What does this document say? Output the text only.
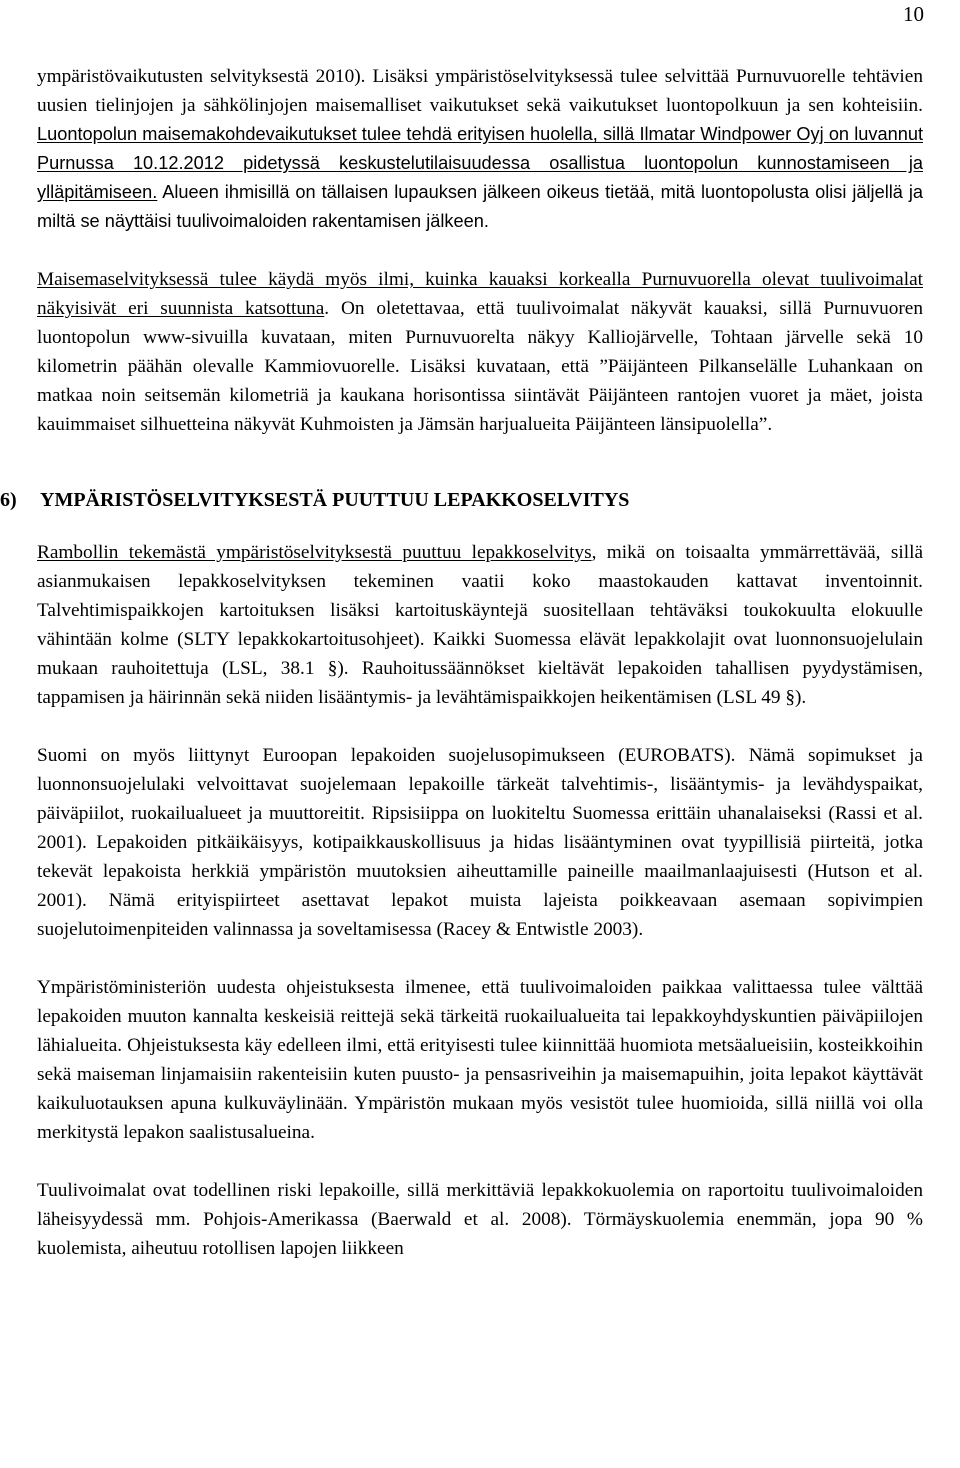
10

ympäristövaikutusten selvityksestä 2010). Lisäksi ympäristöselvityksessä tulee selvittää Purnuvuorelle tehtävien uusien tielinjojen ja sähkölinjojen maisemalliset vaikutukset sekä vaikutukset luontopolkuun ja sen kohteisiin. Luontopolun maisemakohdevaikutukset tulee tehdä erityisen huolella, sillä Ilmatar Windpower Oyj on luvannut Purnussa 10.12.2012 pidetyssä keskustelutilaisuudessa osallistua luontopolun kunnostamiseen ja ylläpitämiseen. Alueen ihmisillä on tällaisen lupauksen jälkeen oikeus tietää, mitä luontopolusta olisi jäljellä ja miltä se näyttäisi tuulivoimaloiden rakentamisen jälkeen.

Maisemaselvityksessä tulee käydä myös ilmi, kuinka kauaksi korkealla Purnuvuorella olevat tuulivoimalat näkyisivät eri suunnista katsottuna. On oletettavaa, että tuulivoimalat näkyvät kauaksi, sillä Purnuvuoren luontopolun www-sivuilla kuvataan, miten Purnuvuorelta näkyy Kalliojärvelle, Tohtaan järvelle sekä 10 kilometrin päähän olevalle Kammiovuorelle. Lisäksi kuvataan, että ”Päijänteen Pilkanselälle Luhankaan on matkaa noin seitsemän kilometriä ja kaukana horisontissa siintävät Päijänteen rantojen vuoret ja mäet, joista kauimmaiset silhuetteina näkyvät Kuhmoisten ja Jämsän harjualueita Päijänteen länsipuolella”.

6) YMPÄRISTÖSELVITYKSESTÄ PUUTTUU LEPAKKOSELVITYS

Rambollin tekemästä ympäristöselvityksestä puuttuu lepakkoselvitys, mikä on toisaalta ymmärrettävää, sillä asianmukaisen lepakkoselvityksen tekeminen vaatii koko maastokauden kattavat inventoinnit. Talvehtimispaikkojen kartoituksen lisäksi kartoituskäyntejä suositellaan tehtäväksi toukokuulta elokuulle vähintään kolme (SLTY lepakkokartoitusohjeet). Kaikki Suomessa elävät lepakkolajit ovat luonnonsuojelulain mukaan rauhoitettuja (LSL, 38.1 §). Rauhoitussäännökset kieltävät lepakoiden tahallisen pyydystämisen, tappamisen ja häirinnän sekä niiden lisääntymis- ja levähtämispaikkojen heikentämisen (LSL 49 §).

Suomi on myös liittynyt Euroopan lepakoiden suojelusopimukseen (EUROBATS). Nämä sopimukset ja luonnonsuojelulaki velvoittavat suojelemaan lepakoille tärkeät talvehtimis-, lisääntymis- ja levähdyspaikat, päiväpiilot, ruokailualueet ja muuttoreitit. Ripsisiippa on luokiteltu Suomessa erittäin uhanalaiseksi (Rassi et al. 2001). Lepakoiden pitkäikäisyys, kotipaikkauskollisuus ja hidas lisääntyminen ovat tyypillisiä piirteitä, jotka tekevät lepakoista herkkiä ympäristön muutoksien aiheuttamille paineille maailmanlaajuisesti (Hutson et al. 2001). Nämä erityispiirteet asettavat lepakot muista lajeista poikkeavaan asemaan sopivimpien suojelutoimenpiteiden valinnassa ja soveltamisessa (Racey & Entwistle 2003).

Ympäristöministeriön uudesta ohjeistuksesta ilmenee, että tuulivoimaloiden paikkaa valittaessa tulee välttää lepakoiden muuton kannalta keskeisiä reittejä sekä tärkeitä ruokailualueita tai lepakkoyhdyskuntien päiväpiilojen lähialueita. Ohjeistuksesta käy edelleen ilmi, että erityisesti tulee kiinnittää huomiota metsäalueisiin, kosteikkoihin sekä maiseman linjamaisiin rakenteisiin kuten puusto- ja pensasriveihin ja maisemapuihin, joita lepakot käyttävät kaikuluotauksen apuna kulkuväylinään. Ympäristön mukaan myös vesistöt tulee huomioida, sillä niillä voi olla merkitystä lepakon saalistusalueina.

Tuulivoimalat ovat todellinen riski lepakoille, sillä merkittäviä lepakkokuolemia on raportoitu tuulivoimaloiden läheisyydessä mm. Pohjois-Amerikassa (Baerwald et al. 2008). Törmäyskuolemia enemmän, jopa 90 % kuolemista, aiheutuu rotollisen lapojen liikkeen
